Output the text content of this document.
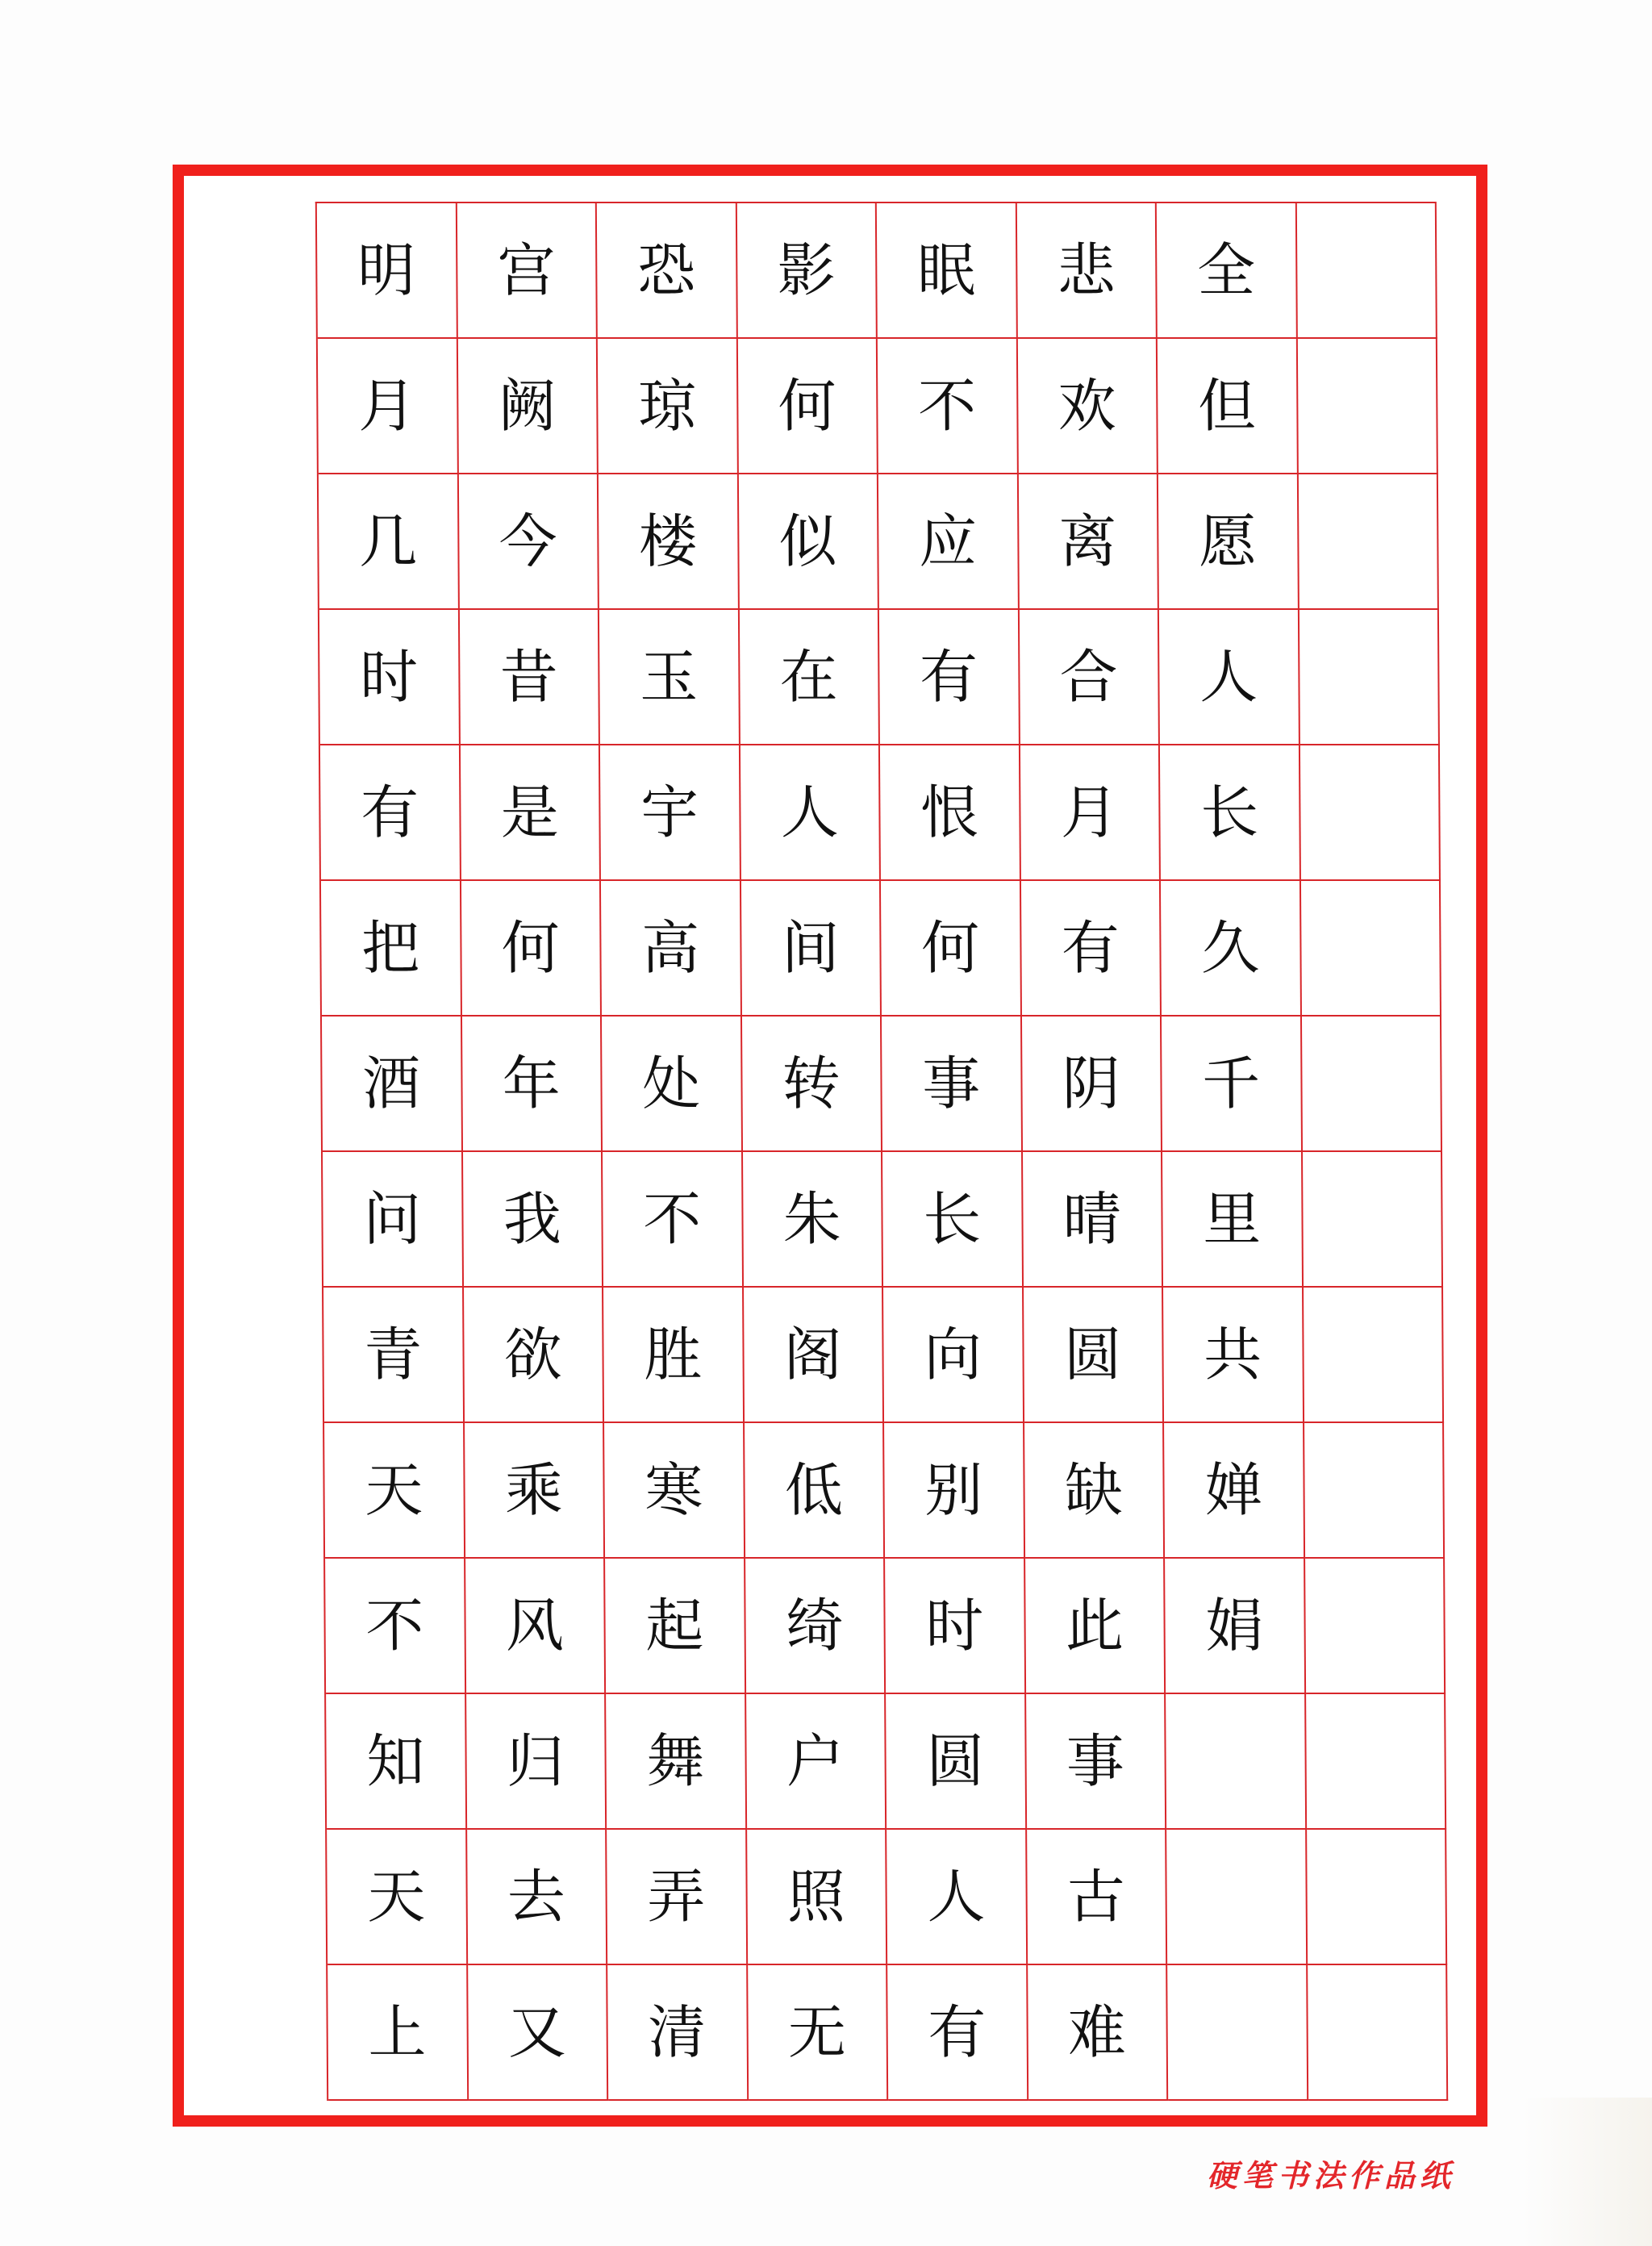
明	宫	恐	影	眠	悲	全
月	阙	琼	何	不	欢	但
几	今	楼	似	应	离	愿
时	昔	玉	在	有	合	人
有	是	宇	人	恨	月	长
把	何	高	间	何	有	久
酒	年	处	转	事	阴	千
问	我	不	朱	长	晴	里
青	欲	胜	阁	向	圆	共
天	乘	寒	低	别	缺	婵
不	风	起	绮	时	此	娟
知	归	舞	户	圆	事
天	去	弄	照	人	古
上	又	清	无	有	难
硬笔书法作品纸
